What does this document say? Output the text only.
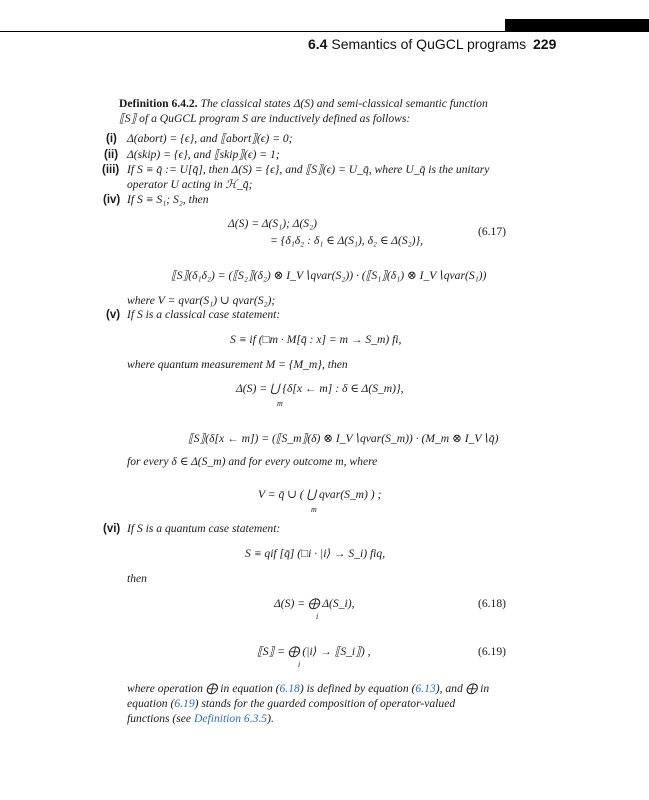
6.4 Semantics of QuGCL programs 229
Definition 6.4.2. The classical states Δ(S) and semi-classical semantic function
⟦S⟧ of a QuGCL program S are inductively defined as follows:
(i) Δ(abort) = {ϵ}, and ⟦abort⟧(ϵ) = 0;
(ii) Δ(skip) = {ϵ}, and ⟦skip⟧(ϵ) = 1;
(iii) If S ≡ q̄ := U[q̄], then Δ(S) = {ϵ}, and ⟦S⟧(ϵ) = U_q̄, where U_q̄ is the unitary
operator U acting in ℋ_q̄;
(iv) If S ≡ S₁; S₂, then
Δ(S) = Δ(S₁); Δ(S₂)
= {δ₁δ₂ : δ₁ ∈ Δ(S₁), δ₂ ∈ Δ(S₂)},
(6.17)
⟦S⟧(δ₁δ₂) = (⟦S₂⟧(δ₂) ⊗ I_V∖qvar(S₂)) · (⟦S₁⟧(δ₁) ⊗ I_V∖qvar(S₁))
where V = qvar(S₁) ∪ qvar(S₂);
(v) If S is a classical case statement:
S ≡ if (□m · M[q̄ : x] = m → S_m) fi,
where quantum measurement M = {M_m}, then
Δ(S) = ⋃ {δ[x ← m] : δ ∈ Δ(S_m)},
m
⟦S⟧(δ[x ← m]) = (⟦S_m⟧(δ) ⊗ I_V∖qvar(S_m)) · (M_m ⊗ I_V∖q̄)
for every δ ∈ Δ(S_m) and for every outcome m, where
V = q̄ ∪ ( ⋃ qvar(S_m) ) ;
m
(vi) If S is a quantum case statement:
S ≡ qif [q̄] (□i · |i⟩ → S_i) fiq,
then
Δ(S) = ⨁ Δ(S_i),
i
(6.18)
⟦S⟧ = ⨁ (|i⟩ → ⟦S_i⟧) ,
i
(6.19)
where operation ⨁ in equation (6.18) is defined by equation (6.13), and ⨁ in
equation (6.19) stands for the guarded composition of operator-valued
functions (see Definition 6.3.5).
